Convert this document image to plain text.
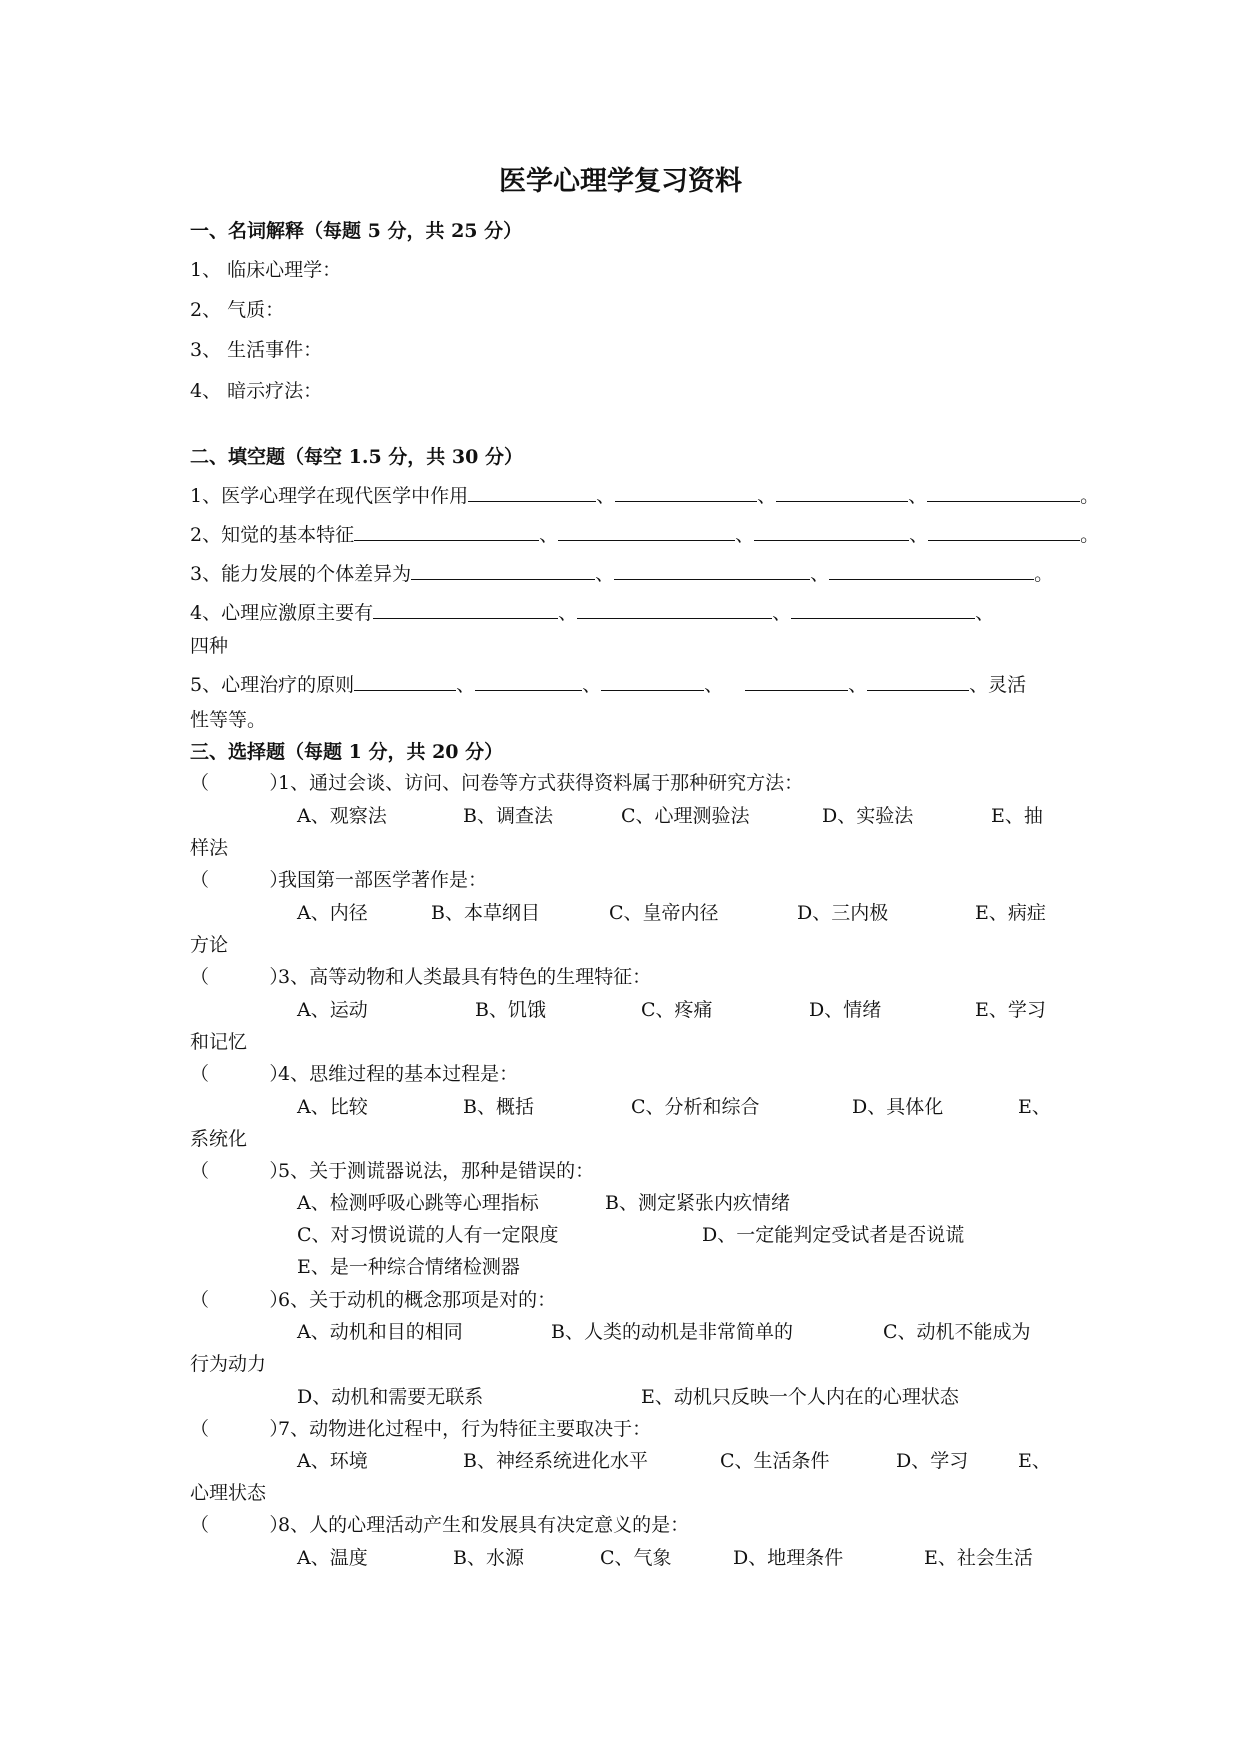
医学心理学复习资料
一、名词解释（每题 5 分，共 25 分）
1、 临床心理学：
2、 气质：
3、 生活事件：
4、 暗示疗法：
二、填空题（每空 1.5 分，共 30 分）
1、医学心理学在现代医学中作用	、	、	、	。
2、知觉的基本特征	、	、	、	。
3、能力发展的个体差异为	、	、	。
4、心理应激原主要有	、	、	、
四种
5、心理治疗的原则	、	、	、	、	、灵活
性等等。
三、选择题（每题 1 分，共 20 分）
（          ）
1、通过会谈、访问、问卷等方式获得资料属于那种研究方法：
A、观察法	B、调查法	C、心理测验法	D、实验法	E、抽
样法
（          ）
我国第一部医学著作是：
A、内径	B、本草纲目	C、皇帝内径	D、三内极	E、病症
方论
（          ）
3、高等动物和人类最具有特色的生理特征：
A、运动	B、饥饿	C、疼痛	D、情绪	E、学习
和记忆
（          ）
4、思维过程的基本过程是：
A、比较	B、概括	C、分析和综合	D、具体化	E、
系统化
（          ）
5、关于测谎器说法，那种是错误的：
A、检测呼吸心跳等心理指标	B、测定紧张内疚情绪
C、对习惯说谎的人有一定限度	D、一定能判定受试者是否说谎
E、是一种综合情绪检测器
（          ）
6、关于动机的概念那项是对的：
A、动机和目的相同	B、人类的动机是非常简单的	C、动机不能成为
行为动力
D、动机和需要无联系	E、动机只反映一个人内在的心理状态
（          ）
7、动物进化过程中，行为特征主要取决于：
A、环境	B、神经系统进化水平	C、生活条件	D、学习	E、
心理状态
（          ）
8、人的心理活动产生和发展具有决定意义的是：
A、温度	B、水源	C、气象	D、地理条件	E、社会生活
